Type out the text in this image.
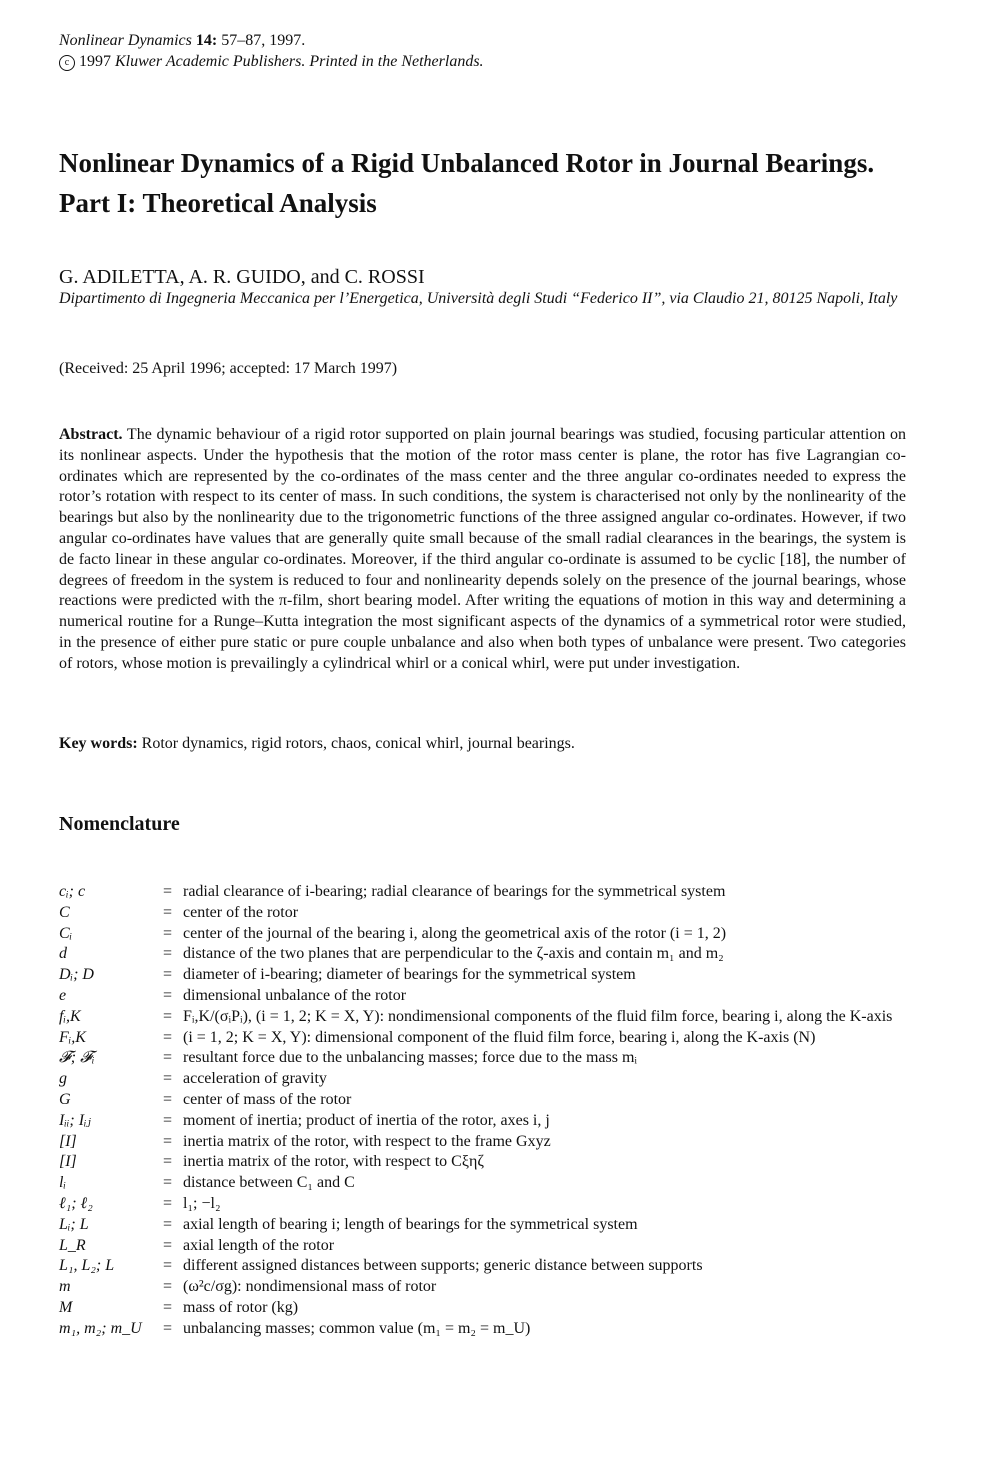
Nonlinear Dynamics 14: 57–87, 1997.
c 1997 Kluwer Academic Publishers. Printed in the Netherlands.
Nonlinear Dynamics of a Rigid Unbalanced Rotor in Journal Bearings. Part I: Theoretical Analysis
G. ADILETTA, A. R. GUIDO, and C. ROSSI
Dipartimento di Ingegneria Meccanica per l’Energetica, Università degli Studi “Federico II”, via Claudio 21, 80125 Napoli, Italy
(Received: 25 April 1996; accepted: 17 March 1997)

Abstract. The dynamic behaviour of a rigid rotor supported on plain journal bearings was studied, focusing particular attention on its nonlinear aspects. Under the hypothesis that the motion of the rotor mass center is plane, the rotor has five Lagrangian co-ordinates which are represented by the co-ordinates of the mass center and the three angular co-ordinates needed to express the rotor’s rotation with respect to its center of mass. In such conditions, the system is characterised not only by the nonlinearity of the bearings but also by the nonlinearity due to the trigonometric functions of the three assigned angular co-ordinates. However, if two angular co-ordinates have values that are generally quite small because of the small radial clearances in the bearings, the system is de facto linear in these angular co-ordinates. Moreover, if the third angular co-ordinate is assumed to be cyclic [18], the number of degrees of freedom in the system is reduced to four and nonlinearity depends solely on the presence of the journal bearings, whose reactions were predicted with the π-film, short bearing model. After writing the equations of motion in this way and determining a numerical routine for a Runge–Kutta integration the most significant aspects of the dynamics of a symmetrical rotor were studied, in the presence of either pure static or pure couple unbalance and also when both types of unbalance were present. Two categories of rotors, whose motion is prevailingly a cylindrical whirl or a conical whirl, were put under investigation.

Key words: Rotor dynamics, rigid rotors, chaos, conical whirl, journal bearings.
Nomenclature
cᵢ; c	= radial clearance of i-bearing; radial clearance of bearings for the symmetrical system
C	= center of the rotor
Cᵢ	= center of the journal of the bearing i, along the geometrical axis of the rotor (i = 1, 2)
d	= distance of the two planes that are perpendicular to the ζ-axis and contain m₁ and m₂
Dᵢ; D	= diameter of i-bearing; diameter of bearings for the symmetrical system
e	= dimensional unbalance of the rotor
fᵢ,K	= Fᵢ,K/(σᵢPᵢ), (i = 1, 2; K = X, Y): nondimensional components of the fluid film force, bearing i, along the K-axis
Fᵢ,K	= (i = 1, 2; K = X, Y): dimensional component of the fluid film force, bearing i, along the K-axis (N)
𝓕; 𝓕ᵢ	= resultant force due to the unbalancing masses; force due to the mass mᵢ
g	= acceleration of gravity
G	= center of mass of the rotor
Iᵢᵢ; Iᵢⱼ	= moment of inertia; product of inertia of the rotor, axes i, j
[I]	= inertia matrix of the rotor, with respect to the frame Gxyz
[I]	= inertia matrix of the rotor, with respect to Cξηζ
lᵢ	= distance between C₁ and C
ℓ₁; ℓ₂	= l₁; −l₂
Lᵢ; L	= axial length of bearing i; length of bearings for the symmetrical system
L_R	= axial length of the rotor
L₁, L₂; L	= different assigned distances between supports; generic distance between supports
m	= (ω²c/σg): nondimensional mass of rotor
M	= mass of rotor (kg)
m₁, m₂; m_U	= unbalancing masses; common value (m₁ = m₂ = m_U)
